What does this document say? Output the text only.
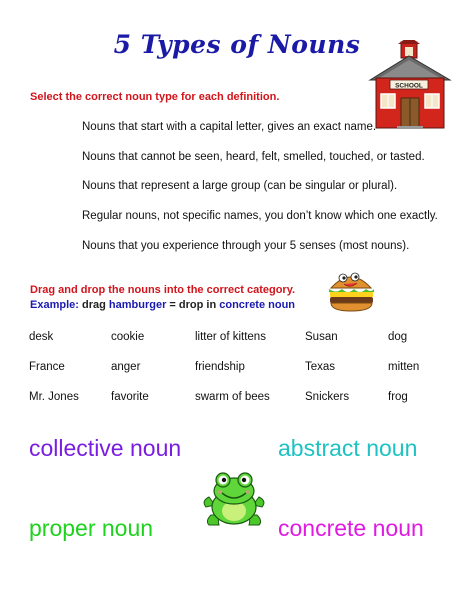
5 Types of Nouns
SCHOOL
Select the correct noun type for each definition.
Nouns that start with a capital letter, gives an exact name.
Nouns that cannot be seen, heard, felt, smelled, touched, or tasted.
Nouns that represent a large group (can be singular or plural).
Regular nouns, not specific names, you don’t know which one exactly.
Nouns that you experience through your 5 senses (most nouns).
Drag and drop the nouns into the correct category.
Example: drag hamburger = drop in concrete noun
desk	cookie	litter of kittens	Susan	dog
France	anger	friendship	Texas	mitten
Mr. Jones	favorite	swarm of bees	Snickers	frog
collective noun	abstract noun
proper noun	concrete noun
